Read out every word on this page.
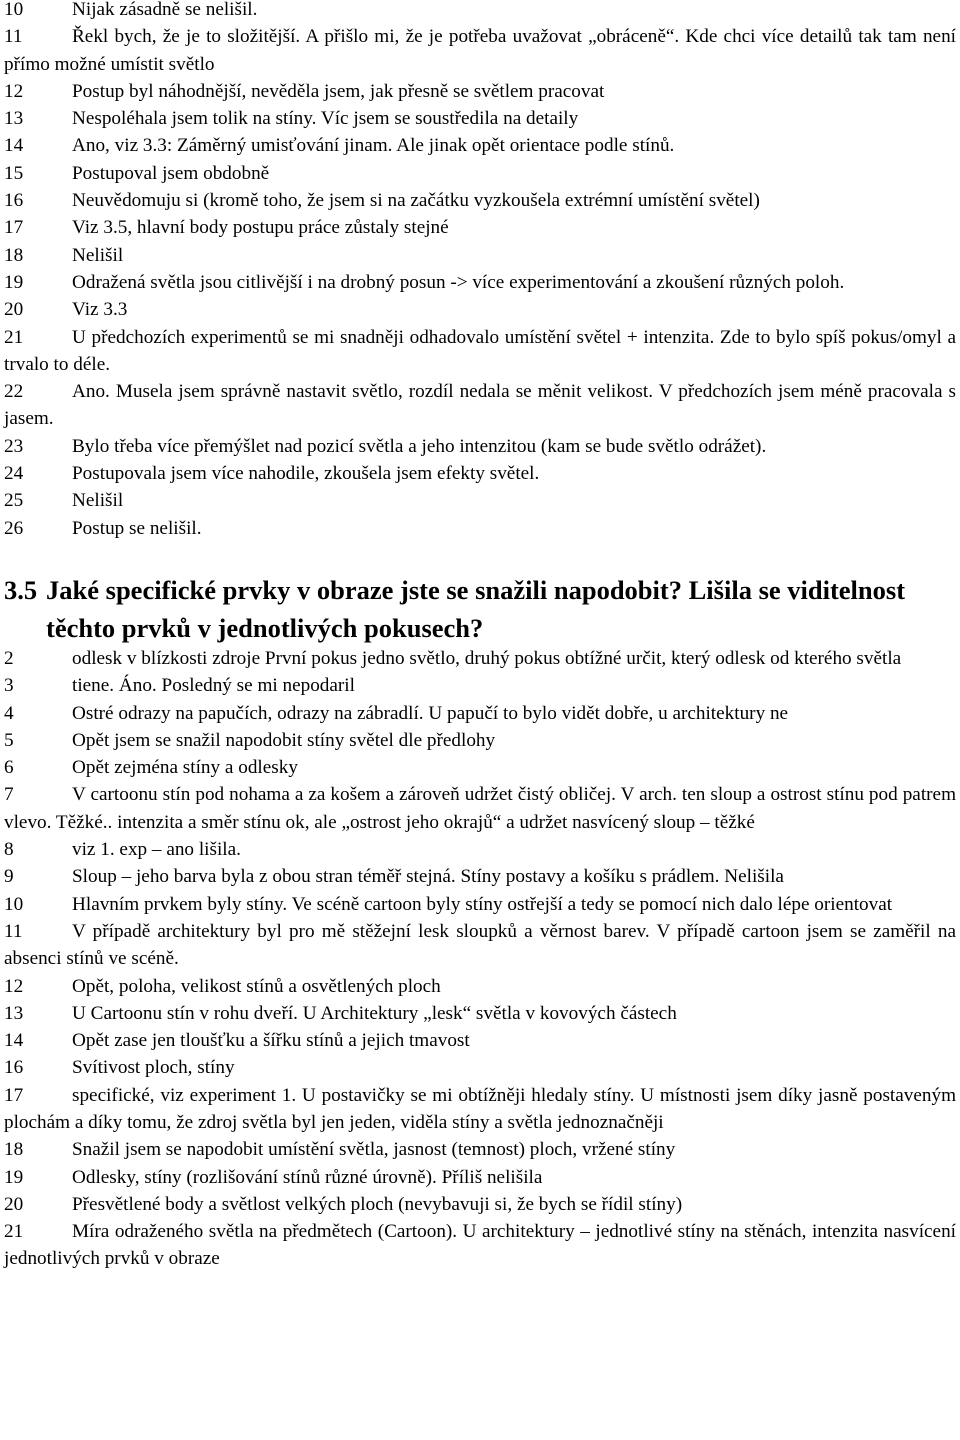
10	Nijak zásadně se nelišil.

11	Řekl bych, že je to složitější. A přišlo mi, že je potřeba uvažovat „obráceně“. Kde chci více detailů tak tam není přímo možné umístit světlo

12	Postup byl náhodnější, nevěděla jsem, jak přesně se světlem pracovat

13	Nespoléhala jsem tolik na stíny. Víc jsem se soustředila na detaily

14	Ano, viz 3.3: Záměrný umisťování jinam. Ale jinak opět orientace podle stínů.

15	Postupoval jsem obdobně

16	Neuvědomuju si (kromě toho, že jsem si na začátku vyzkoušela extrémní umístění světel)

17	Viz 3.5, hlavní body postupu práce zůstaly stejné

18	Nelišil

19	Odražená světla jsou citlivější i na drobný posun -> více experimentování a zkoušení různých poloh.

20	Viz 3.3

21	U předchozích experimentů se mi snadněji odhadovalo umístění světel + intenzita. Zde to bylo spíš pokus/omyl a trvalo to déle.

22	Ano. Musela jsem správně nastavit světlo, rozdíl nedala se měnit velikost. V předchozích jsem méně pracovala s jasem.

23	Bylo třeba více přemýšlet nad pozicí světla a jeho intenzitou (kam se bude světlo odrážet).

24	Postupovala jsem více nahodile, zkoušela jsem efekty světel.

25	Nelišil

26	Postup se nelišil.

3.5 Jaké specifické prvky v obraze jste se snažili napodobit? Lišila se viditelnost těchto prvků v jednotlivých pokusech?

2	odlesk v blízkosti zdroje První pokus jedno světlo, druhý pokus obtížné určit, který odlesk od kterého světla

3	tiene. Áno. Posledný se mi nepodaril

4	Ostré odrazy na papučích, odrazy na zábradlí. U papučí to bylo vidět dobře, u architektury ne

5	Opět jsem se snažil napodobit stíny světel dle předlohy

6	Opět zejména stíny a odlesky

7	V cartoonu stín pod nohama a za košem a zároveň udržet čistý obličej. V arch. ten sloup a ostrost stínu pod patrem vlevo. Těžké.. intenzita a směr stínu ok, ale „ostrost jeho okrajů“ a udržet nasvícený sloup – těžké

8	viz 1. exp – ano lišila.

9	Sloup – jeho barva byla z obou stran téměř stejná. Stíny postavy a košíku s prádlem. Nelišila

10	Hlavním prvkem byly stíny. Ve scéně cartoon byly stíny ostřejší a tedy se pomocí nich dalo lépe orientovat

11	V případě architektury byl pro mě stěžejní lesk sloupků a věrnost barev. V případě cartoon jsem se zaměřil na absenci stínů ve scéně.

12	Opět, poloha, velikost stínů a osvětlených ploch

13	U Cartoonu stín v rohu dveří. U Architektury „lesk“ světla v kovových částech

14	Opět zase jen tloušťku a šířku stínů a jejich tmavost

16	Svítivost ploch, stíny

17	specifické, viz experiment 1. U postavičky se mi obtížněji hledaly stíny. U místnosti jsem díky jasně postaveným plochám a díky tomu, že zdroj světla byl jen jeden, viděla stíny a světla jednoznačněji

18	Snažil jsem se napodobit umístění světla, jasnost (temnost) ploch, vržené stíny

19	Odlesky, stíny (rozlišování stínů různé úrovně). Příliš nelišila

20	Přesvětlené body a světlost velkých ploch (nevybavuji si, že bych se řídil stíny)

21	Míra odraženého světla na předmětech (Cartoon). U architektury – jednotlivé stíny na stěnách, intenzita nasvícení jednotlivých prvků v obraze
